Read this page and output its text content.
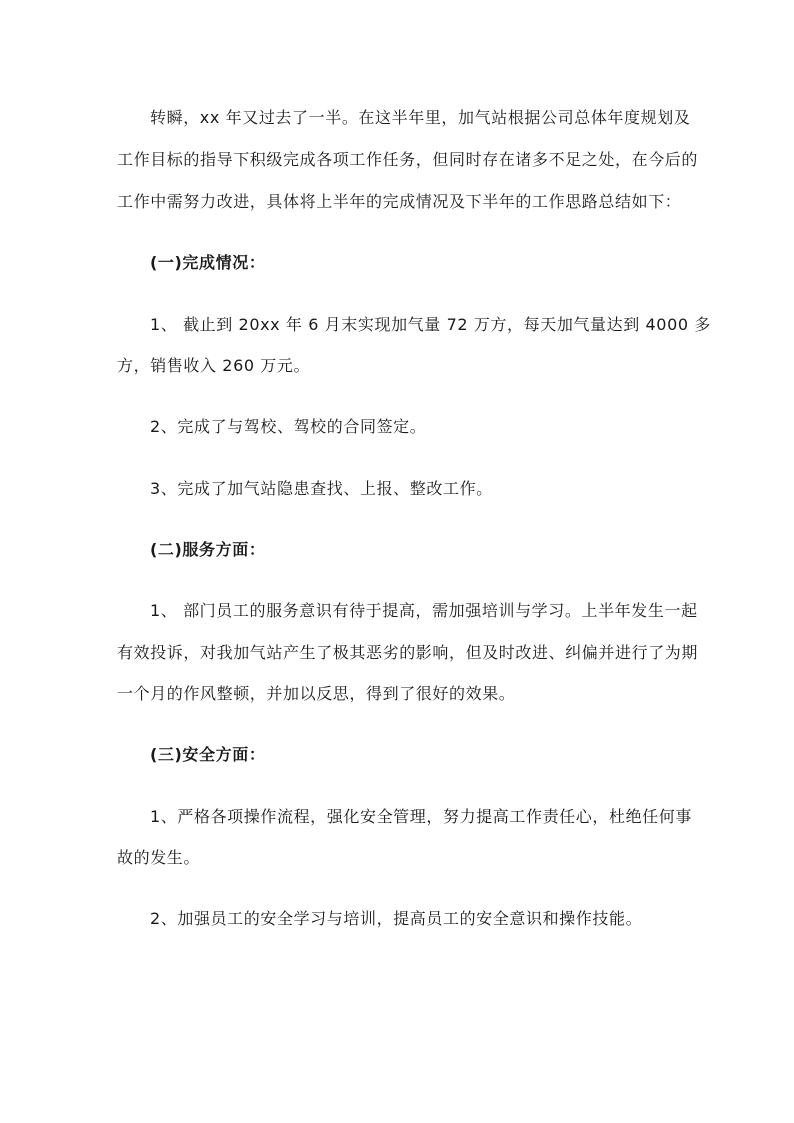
转瞬，xx 年又过去了一半。在这半年里，加气站根据公司总体年度规划及
工作目标的指导下积级完成各项工作任务，但同时存在诸多不足之处，在今后的
工作中需努力改进，具体将上半年的完成情况及下半年的工作思路总结如下：
(一)完成情况：
1、 截止到 20xx 年 6 月末实现加气量 72 万方，每天加气量达到 4000 多
方，销售收入 260 万元。
2、完成了与驾校、驾校的合同签定。
3、完成了加气站隐患查找、上报、整改工作。
(二)服务方面：
1、 部门员工的服务意识有待于提高，需加强培训与学习。上半年发生一起
有效投诉，对我加气站产生了极其恶劣的影响，但及时改进、纠偏并进行了为期
一个月的作风整顿，并加以反思，得到了很好的效果。
(三)安全方面：
1、严格各项操作流程，强化安全管理，努力提高工作责任心，杜绝任何事
故的发生。
2、加强员工的安全学习与培训，提高员工的安全意识和操作技能。
